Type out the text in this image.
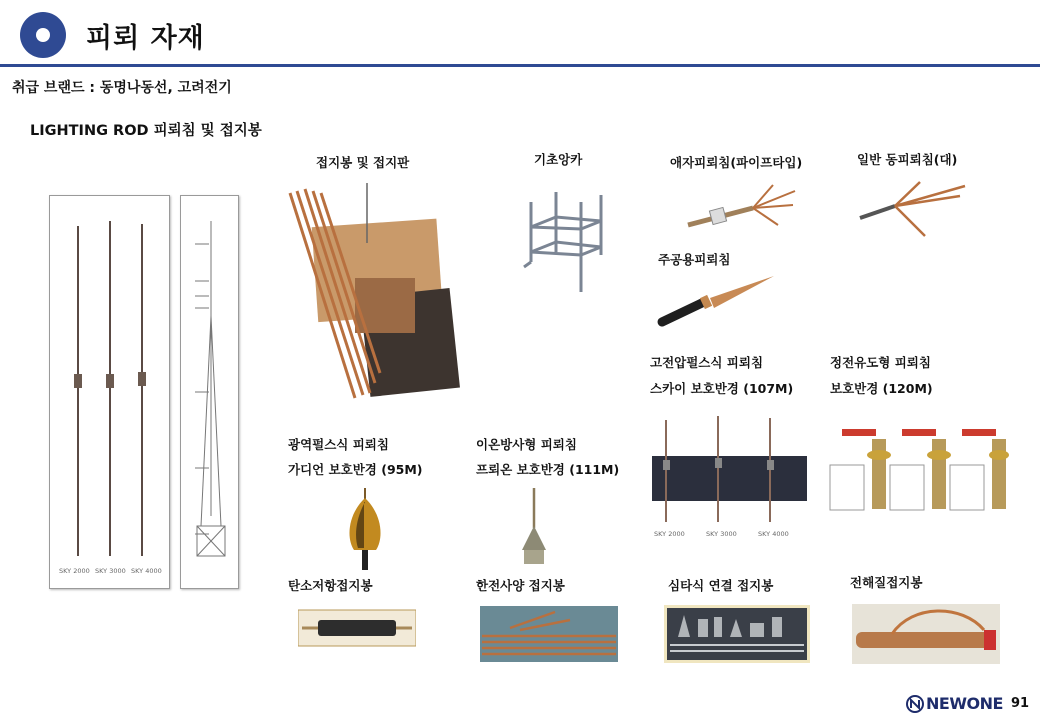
피뢰 자재
취급 브랜드 : 동명나동선, 고려전기
LIGHTING ROD 피뢰침 및 접지봉
접지봉 및 접지판	기초앙카	애자피뢰침(파이프타입)	일반 동피뢰침(대)
주공용피뢰침
고전압펄스식 피뢰침
스카이 보호반경 (107M)
정전유도형 피뢰침
보호반경 (120M)
광역펄스식 피뢰침
가디언 보호반경 (95M)
이온방사형 피뢰침
프뢰온 보호반경 (111M)
탄소저항접지봉	한전사양 접지봉	심타식 연결 접지봉	전해질접지봉
SKY 2000 SKY 3000 SKY 4000
SKY 2000	SKY 3000	SKY 4000
NEWONE 91
